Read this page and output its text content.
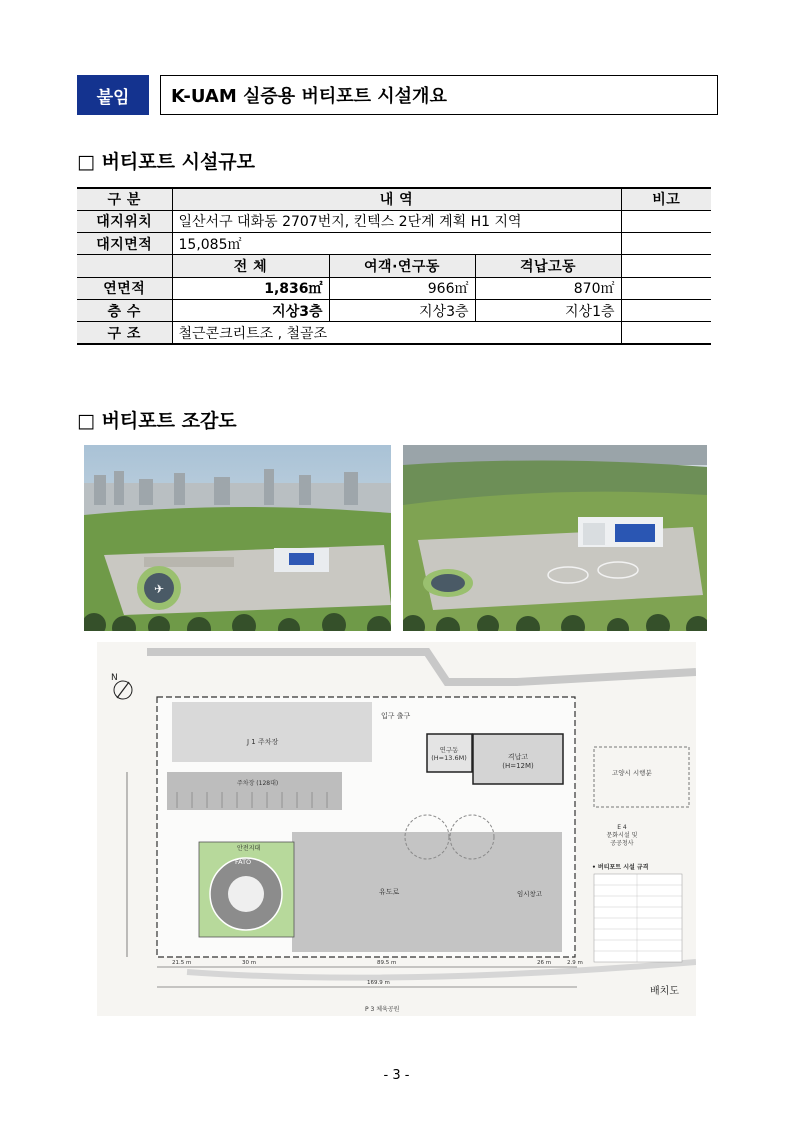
붙임	K-UAM 실증용 버티포트 시설개요
□ 버티포트 시설규모
구 분	내 역			비고
대지위치	일산서구 대화동 2707번지, 킨텍스 2단계 계획 H1 지역			
대지면적	15,085㎡			
	전 체	여객·연구동	격납고동	
연면적	1,836㎡	966㎡	870㎡	
층 수	지상3층	지상3층	지상1층	
구 조	철근콘크리트조 , 철골조			
□ 버티포트 조감도
✈
N
J 1 주차장
주차장 (128대)
입구 출구
연구동 (H=13.6M)	격납고 (H=12M)
유도로	임시창고
안전지대
FATO
고양시 시행분
E 4 문화시설 및 공공청사
• 버티포트 시설 규격
21.5 m	30 m	89.5 m	26 m	2.9 m
169.9 m
P 3 체육공원
배치도
- 3 -
